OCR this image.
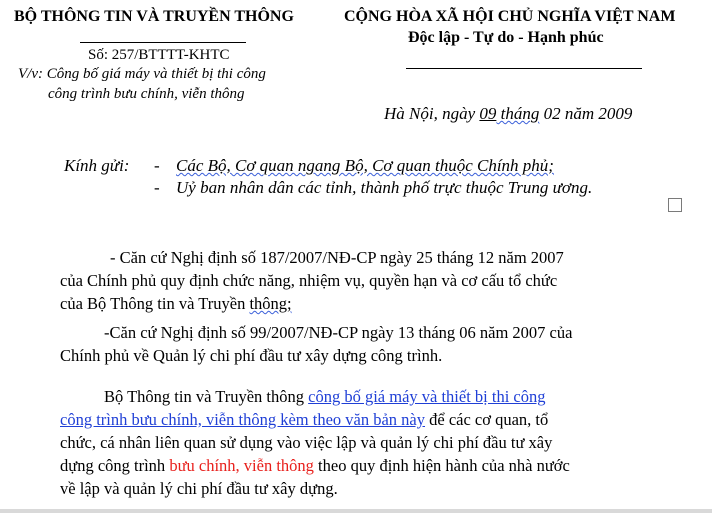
BỘ THÔNG TIN VÀ TRUYỀN THÔNG
Số: 257/BTTTT-KHTC
V/v: Công bố giá máy và thiết bị thi công
công trình bưu chính, viễn thông
CỘNG HÒA XÃ HỘI CHỦ NGHĨA VIỆT NAM
Độc lập - Tự do - Hạnh phúc
Hà Nội, ngày 09 tháng 02 năm 2009
Kính gửi: - Các Bộ, Cơ quan ngang Bộ, Cơ quan thuộc Chính phủ;
- Uỷ ban nhân dân các tỉnh, thành phố trực thuộc Trung ương.
- Căn cứ Nghị định số 187/2007/NĐ-CP ngày 25 tháng 12 năm 2007
của Chính phủ quy định chức năng, nhiệm vụ, quyền hạn và cơ cấu tổ chức
của Bộ Thông tin và Truyền thông;
-Căn cứ Nghị định số 99/2007/NĐ-CP ngày 13 tháng 06 năm 2007 của
Chính phủ về Quản lý chi phí đầu tư xây dựng công trình.
Bộ Thông tin và Truyền thông công bố giá máy và thiết bị thi công
công trình bưu chính, viễn thông kèm theo văn bản này để các cơ quan, tổ
chức, cá nhân liên quan sử dụng vào việc lập và quản lý chi phí đầu tư xây
dựng công trình bưu chính, viễn thông theo quy định hiện hành của nhà nước
về lập và quản lý chi phí đầu tư xây dựng.
